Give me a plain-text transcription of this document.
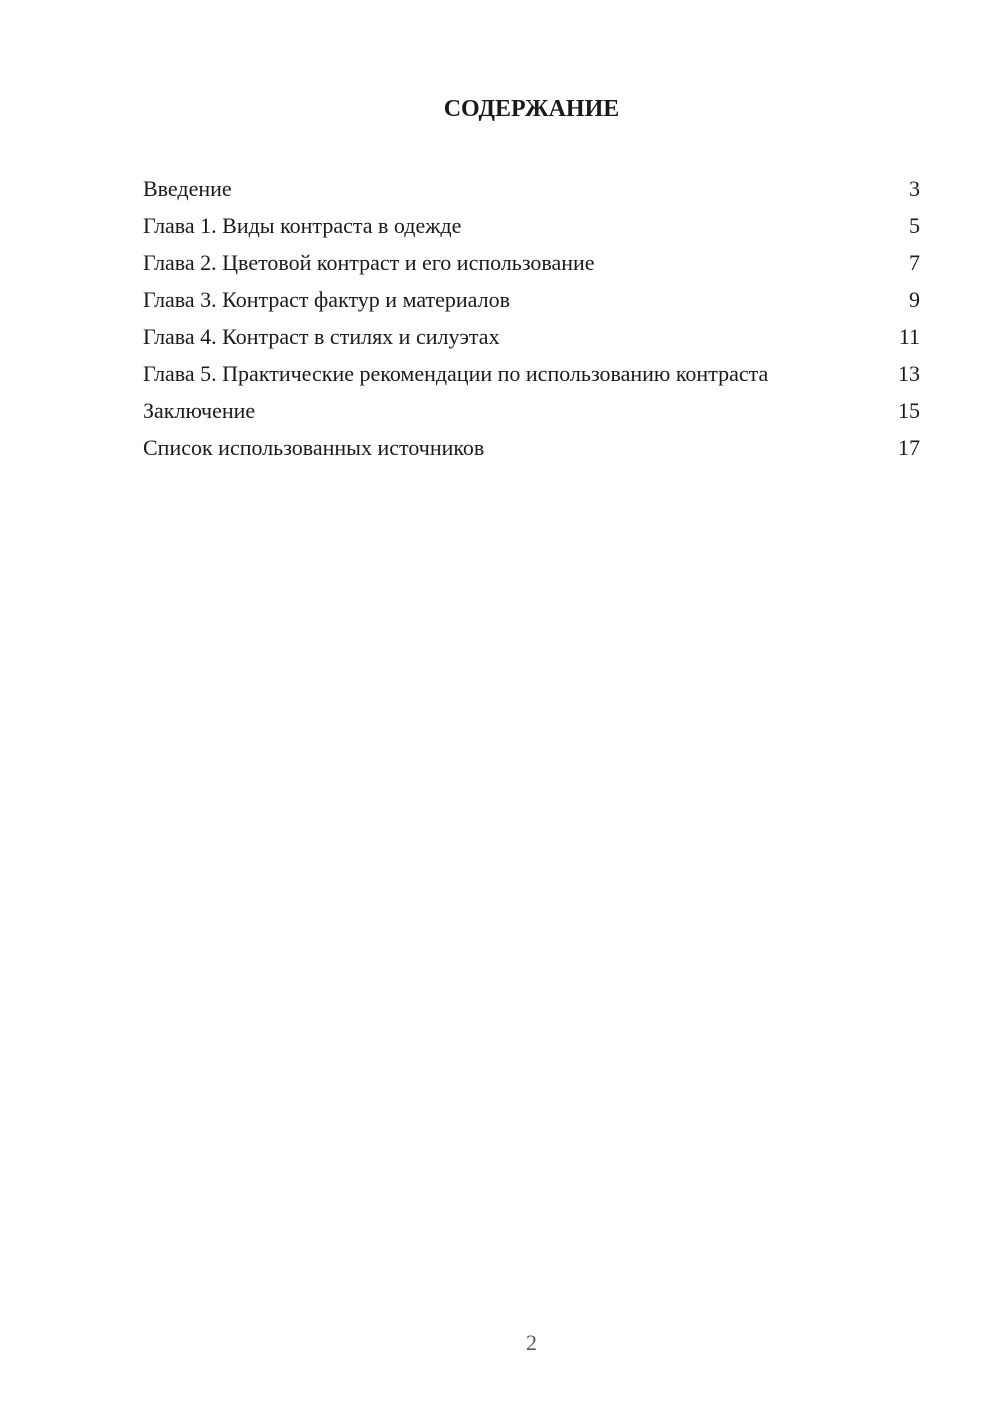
СОДЕРЖАНИЕ
Введение	3
Глава 1. Виды контраста в одежде	5
Глава 2. Цветовой контраст и его использование	7
Глава 3. Контраст фактур и материалов	9
Глава 4. Контраст в стилях и силуэтах	11
Глава 5. Практические рекомендации по использованию контраста	13
Заключение	15
Список использованных источников	17
2
